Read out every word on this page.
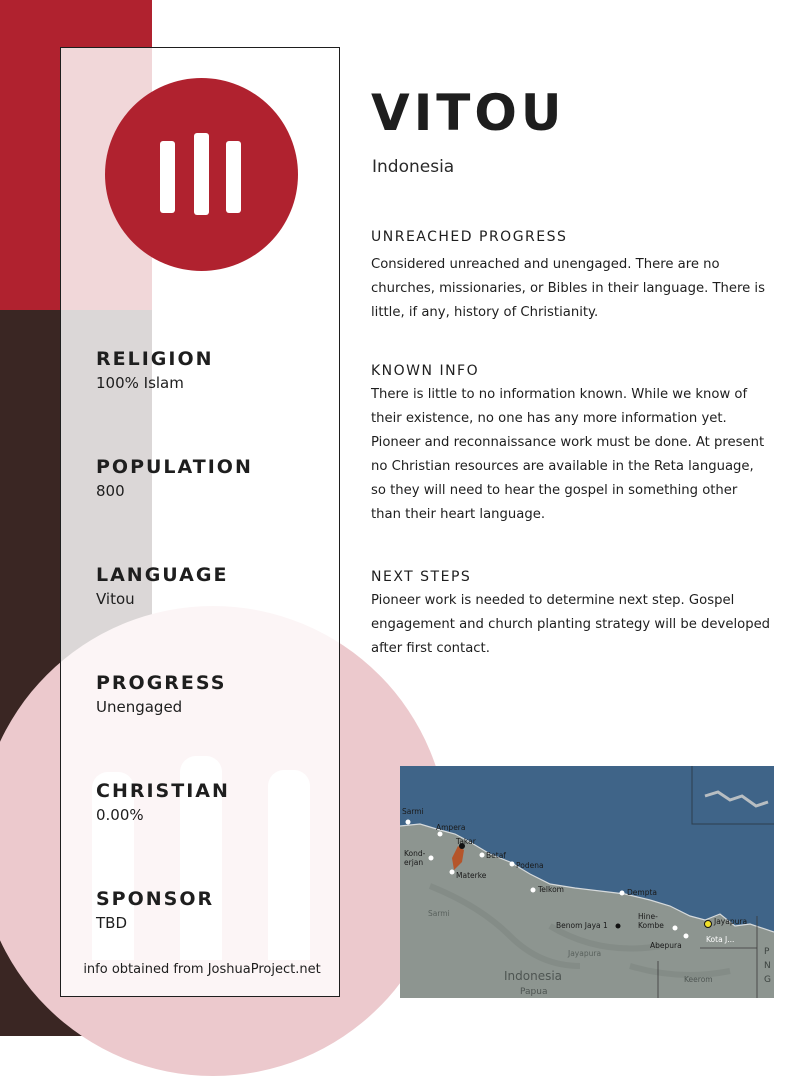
RELIGION
100% Islam
POPULATION
800
LANGUAGE
Vitou
PROGRESS
Unengaged
CHRISTIAN
0.00%
SPONSOR
TBD
info obtained from JoshuaProject.net
VITOU
Indonesia
UNREACHED PROGRESS
Considered unreached and unengaged. There are no churches, missionaries, or Bibles in their language. There is little, if any, history of Christianity.
KNOWN INFO
There is little to no information known. While we know of their existence, no one has any more information yet. Pioneer and reconnaissance work must be done. At present no Christian resources are available in the Reta language, so they will need to hear the gospel in something other than their heart language.
NEXT STEPS
Pioneer work is needed to determine next step. Gospel engagement and church planting strategy will be developed after first contact.
Sarmi
Ampera
Takar
Kond-
erjan
Betaf
Podena
Materke
Telkom	Dempta
Sarmi
Benom Jaya 1
Hine-
Kombe	Jayapura
Abepura
Kota J...
Jayapura
Indonesia
Papua
Keerom
P
N
G
